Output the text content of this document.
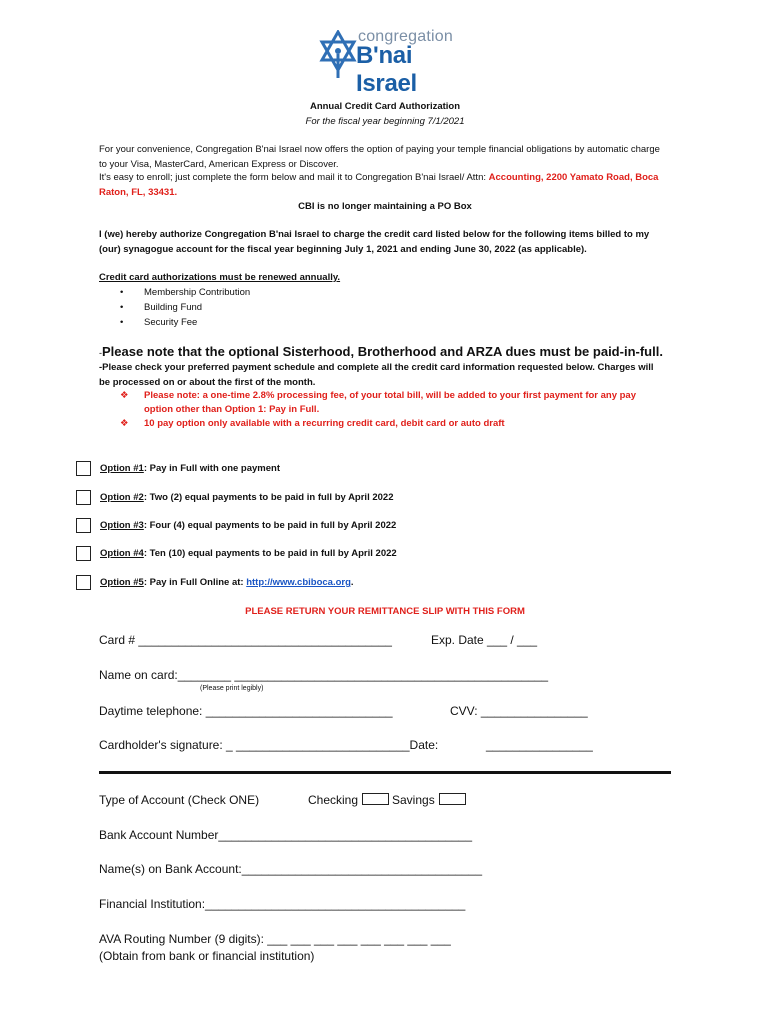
congregation
B'nai Israel
Annual Credit Card Authorization
For the fiscal year beginning 7/1/2021
For your convenience, Congregation B'nai Israel now offers the option of paying your temple financial obligations by automatic charge to your Visa, MasterCard, American Express or Discover.
It's easy to enroll; just complete the form below and mail it to Congregation B'nai Israel/ Attn: Accounting, 2200 Yamato Road, Boca Raton, FL, 33431.
CBI is no longer maintaining a PO Box
I (we) hereby authorize Congregation B'nai Israel to charge the credit card listed below for the following items billed to my (our) synagogue account for the fiscal year beginning July 1, 2021 and ending June 30, 2022 (as applicable).
Credit card authorizations must be renewed annually.
• Membership Contribution
• Building Fund
• Security Fee
-Please note that the optional Sisterhood, Brotherhood and ARZA dues must be paid-in-full.
-Please check your preferred payment schedule and complete all the credit card information requested below. Charges will be processed on or about the first of the month.
❖ Please note: a one-time 2.8% processing fee, of your total bill, will be added to your first payment for any pay option other than Option 1: Pay in Full.
❖ 10 pay option only available with a recurring credit card, debit card or auto draft
Option #1: Pay in Full with one payment
Option #2: Two (2) equal payments to be paid in full by April 2022
Option #3: Four (4) equal payments to be paid in full by April 2022
Option #4: Ten (10) equal payments to be paid in full by April 2022
Option #5: Pay in Full Online at: http://www.cbiboca.org.
PLEASE RETURN YOUR REMITTANCE SLIP WITH THIS FORM
Card # ______________________________________	Exp. Date ___ / ___
Name on card:________ _______________________________________________
(Please print legibly)
Daytime telephone: ____________________________	CVV: ________________
Cardholder's signature: _ __________________________Date:	________________
Type of Account (Check ONE)	Checking	Savings
Bank Account Number______________________________________
Name(s) on Bank Account:____________________________________
Financial Institution:_______________________________________
AVA Routing Number (9 digits): ___ ___ ___ ___ ___ ___ ___ ___
(Obtain from bank or financial institution)
